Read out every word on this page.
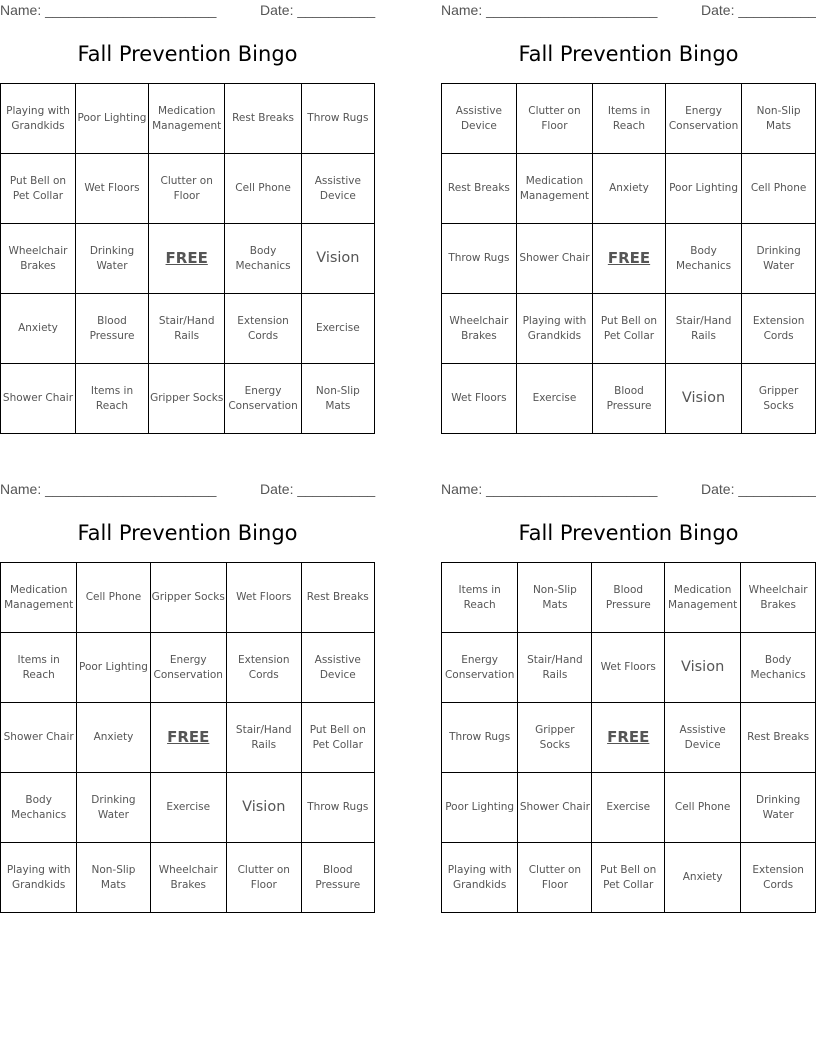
Name: ______________________	Date: __________
Fall Prevention Bingo
Playing with Grandkids	Poor Lighting	Medication Management	Rest Breaks	Throw Rugs
Put Bell on Pet Collar	Wet Floors	Clutter on Floor	Cell Phone	Assistive Device
Wheelchair Brakes	Drinking Water	FREE	Body Mechanics	Vision
Anxiety	Blood Pressure	Stair/Hand Rails	Extension Cords	Exercise
Shower Chair	Items in Reach	Gripper Socks	Energy Conservation	Non-Slip Mats
Name: ______________________	Date: __________
Fall Prevention Bingo
Assistive Device	Clutter on Floor	Items in Reach	Energy Conservation	Non-Slip Mats
Rest Breaks	Medication Management	Anxiety	Poor Lighting	Cell Phone
Throw Rugs	Shower Chair	FREE	Body Mechanics	Drinking Water
Wheelchair Brakes	Playing with Grandkids	Put Bell on Pet Collar	Stair/Hand Rails	Extension Cords
Wet Floors	Exercise	Blood Pressure	Vision	Gripper Socks
Name: ______________________	Date: __________
Fall Prevention Bingo
Medication Management	Cell Phone	Gripper Socks	Wet Floors	Rest Breaks
Items in Reach	Poor Lighting	Energy Conservation	Extension Cords	Assistive Device
Shower Chair	Anxiety	FREE	Stair/Hand Rails	Put Bell on Pet Collar
Body Mechanics	Drinking Water	Exercise	Vision	Throw Rugs
Playing with Grandkids	Non-Slip Mats	Wheelchair Brakes	Clutter on Floor	Blood Pressure
Name: ______________________	Date: __________
Fall Prevention Bingo
Items in Reach	Non-Slip Mats	Blood Pressure	Medication Management	Wheelchair Brakes
Energy Conservation	Stair/Hand Rails	Wet Floors	Vision	Body Mechanics
Throw Rugs	Gripper Socks	FREE	Assistive Device	Rest Breaks
Poor Lighting	Shower Chair	Exercise	Cell Phone	Drinking Water
Playing with Grandkids	Clutter on Floor	Put Bell on Pet Collar	Anxiety	Extension Cords
